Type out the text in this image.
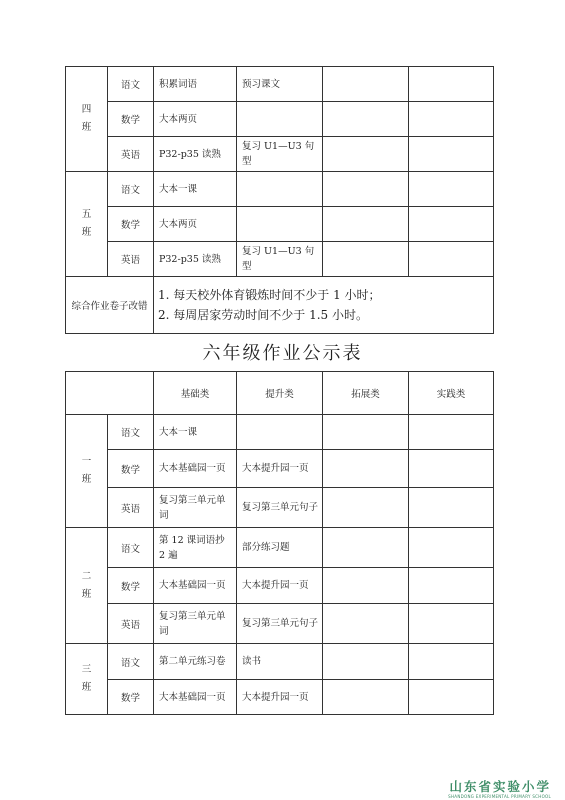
四
班	语文	积累词语	预习课文		
	数学	大本两页			
	英语	P32-p35 读熟	复习 U1—U3 句型		
五
班	语文	大本一课			
	数学	大本两页			
	英语	P32-p35 读熟	复习 U1—U3 句型		
综合作业卷子改错		1. 每天校外体育锻炼时间不少于 1 小时；
2. 每周居家劳动时间不少于 1.5 小时。			
六年级作业公示表
		基础类	提升类	拓展类	实践类
一
班	语文	大本一课			
	数学	大本基础园一页	大本提升园一页		
	英语	复习第三单元单词	复习第三单元句子		
二
班	语文	第 12 课词语抄 2 遍	部分练习题		
	数学	大本基础园一页	大本提升园一页		
	英语	复习第三单元单词	复习第三单元句子		
三
班	语文	第二单元练习卷	读书		
	数学	大本基础园一页	大本提升园一页		
山东省实验小学
SHANDONG EXPERIMENTAL PRIMARY SCHOOL
